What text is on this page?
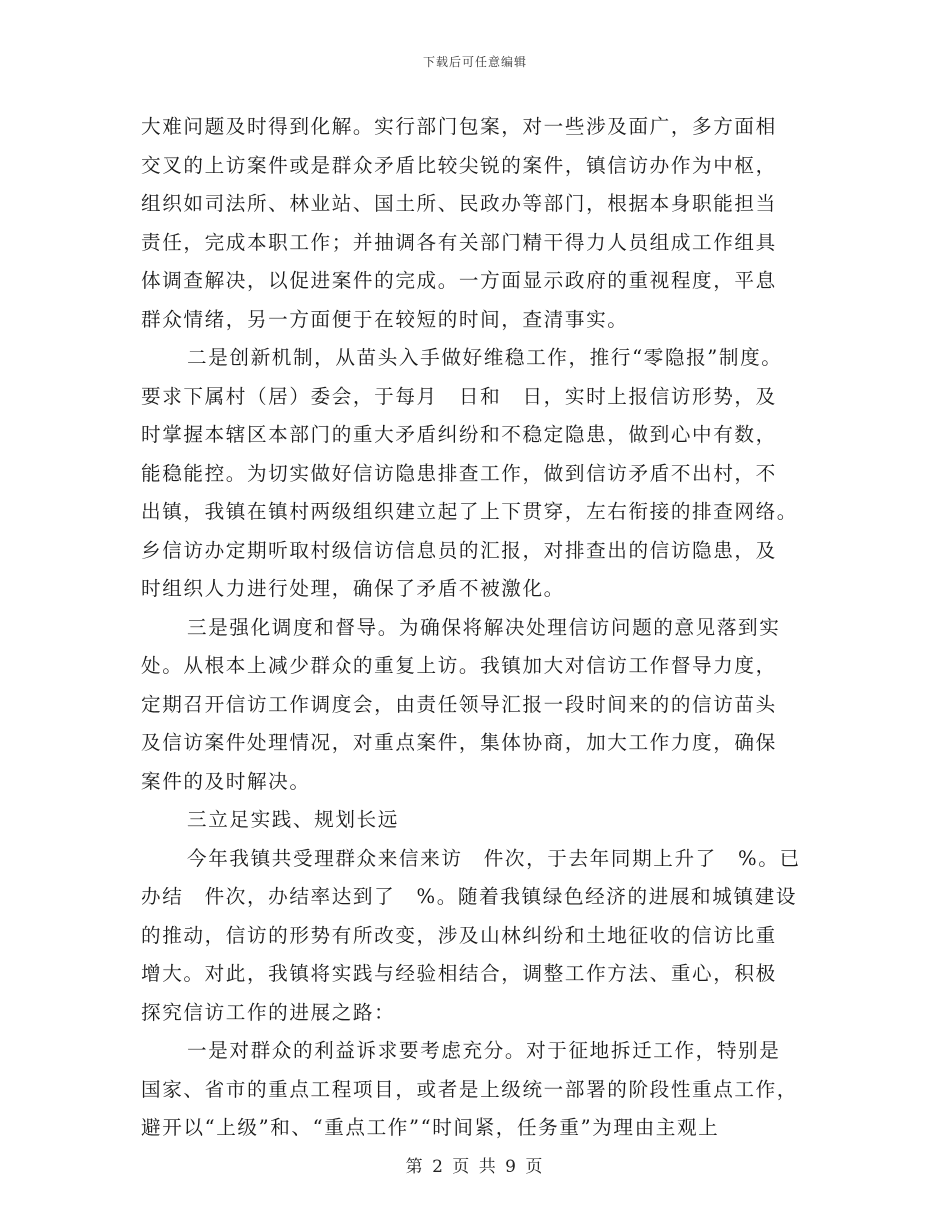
下载后可任意编辑
大难问题及时得到化解。实行部门包案，对一些涉及面广，多方面相
交叉的上访案件或是群众矛盾比较尖锐的案件，镇信访办作为中枢，
组织如司法所、林业站、国土所、民政办等部门，根据本身职能担当
责任，完成本职工作；并抽调各有关部门精干得力人员组成工作组具
体调查解决，以促进案件的完成。一方面显示政府的重视程度，平息
群众情绪，另一方面便于在较短的时间，查清事实。
二是创新机制，从苗头入手做好维稳工作，推行“零隐报”制度。
要求下属村（居）委会，于每月　日和　日，实时上报信访形势，及
时掌握本辖区本部门的重大矛盾纠纷和不稳定隐患，做到心中有数，
能稳能控。为切实做好信访隐患排查工作，做到信访矛盾不出村，不
出镇，我镇在镇村两级组织建立起了上下贯穿，左右衔接的排查网络。
乡信访办定期听取村级信访信息员的汇报，对排查出的信访隐患，及
时组织人力进行处理，确保了矛盾不被激化。
三是强化调度和督导。为确保将解决处理信访问题的意见落到实
处。从根本上减少群众的重复上访。我镇加大对信访工作督导力度，
定期召开信访工作调度会，由责任领导汇报一段时间来的的信访苗头
及信访案件处理情况，对重点案件，集体协商，加大工作力度，确保
案件的及时解决。
三立足实践、规划长远
今年我镇共受理群众来信来访　件次，于去年同期上升了　%。已
办结　件次，办结率达到了　%。随着我镇绿色经济的进展和城镇建设
的推动，信访的形势有所改变，涉及山林纠纷和土地征收的信访比重
增大。对此，我镇将实践与经验相结合，调整工作方法、重心，积极
探究信访工作的进展之路：
一是对群众的利益诉求要考虑充分。对于征地拆迁工作，特别是
国家、省市的重点工程项目，或者是上级统一部署的阶段性重点工作，
避开以“上级”和、“重点工作”“时间紧，任务重”为理由主观上
第 2 页 共 9 页
